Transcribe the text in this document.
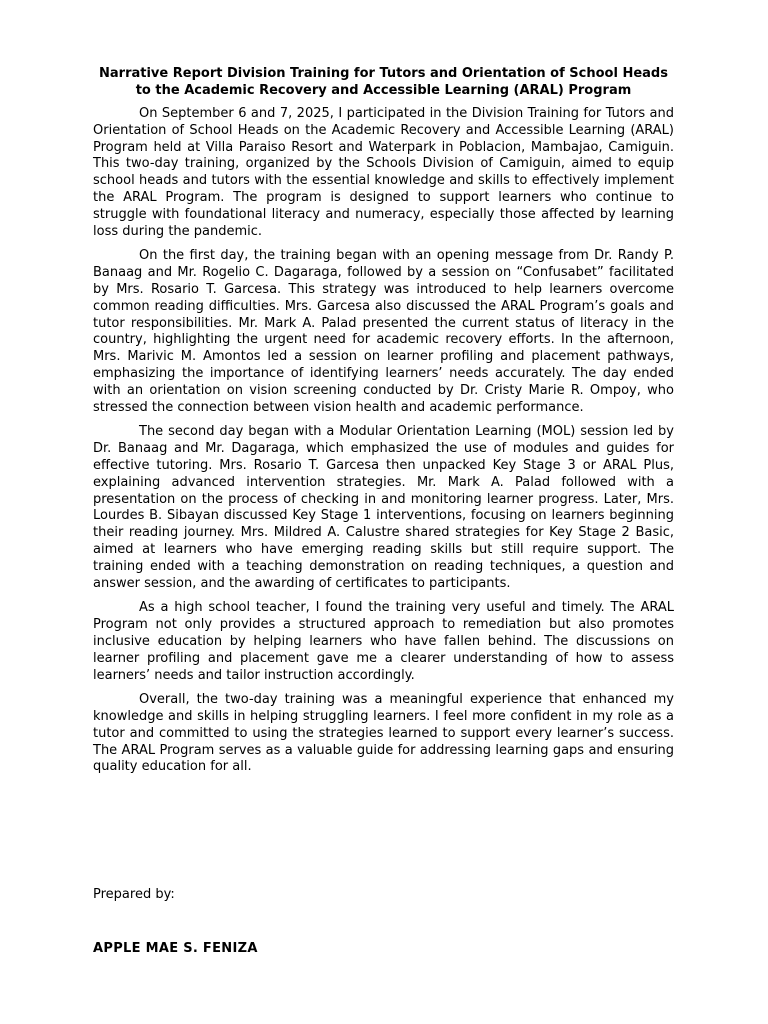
Narrative Report Division Training for Tutors and Orientation of School Heads to the Academic Recovery and Accessible Learning (ARAL) Program

On September 6 and 7, 2025, I participated in the Division Training for Tutors and Orientation of School Heads on the Academic Recovery and Accessible Learning (ARAL) Program held at Villa Paraiso Resort and Waterpark in Poblacion, Mambajao, Camiguin. This two-day training, organized by the Schools Division of Camiguin, aimed to equip school heads and tutors with the essential knowledge and skills to effectively implement the ARAL Program. The program is designed to support learners who continue to struggle with foundational literacy and numeracy, especially those affected by learning loss during the pandemic.

On the first day, the training began with an opening message from Dr. Randy P. Banaag and Mr. Rogelio C. Dagaraga, followed by a session on “Confusabet” facilitated by Mrs. Rosario T. Garcesa. This strategy was introduced to help learners overcome common reading difficulties. Mrs. Garcesa also discussed the ARAL Program’s goals and tutor responsibilities. Mr. Mark A. Palad presented the current status of literacy in the country, highlighting the urgent need for academic recovery efforts. In the afternoon, Mrs. Marivic M. Amontos led a session on learner profiling and placement pathways, emphasizing the importance of identifying learners’ needs accurately. The day ended with an orientation on vision screening conducted by Dr. Cristy Marie R. Ompoy, who stressed the connection between vision health and academic performance.

The second day began with a Modular Orientation Learning (MOL) session led by Dr. Banaag and Mr. Dagaraga, which emphasized the use of modules and guides for effective tutoring. Mrs. Rosario T. Garcesa then unpacked Key Stage 3 or ARAL Plus, explaining advanced intervention strategies. Mr. Mark A. Palad followed with a presentation on the process of checking in and monitoring learner progress. Later, Mrs. Lourdes B. Sibayan discussed Key Stage 1 interventions, focusing on learners beginning their reading journey. Mrs. Mildred A. Calustre shared strategies for Key Stage 2 Basic, aimed at learners who have emerging reading skills but still require support. The training ended with a teaching demonstration on reading techniques, a question and answer session, and the awarding of certificates to participants.

As a high school teacher, I found the training very useful and timely. The ARAL Program not only provides a structured approach to remediation but also promotes inclusive education by helping learners who have fallen behind. The discussions on learner profiling and placement gave me a clearer understanding of how to assess learners’ needs and tailor instruction accordingly.

Overall, the two-day training was a meaningful experience that enhanced my knowledge and skills in helping struggling learners. I feel more confident in my role as a tutor and committed to using the strategies learned to support every learner’s success. The ARAL Program serves as a valuable guide for addressing learning gaps and ensuring quality education for all.

Prepared by:

APPLE MAE S. FENIZA
